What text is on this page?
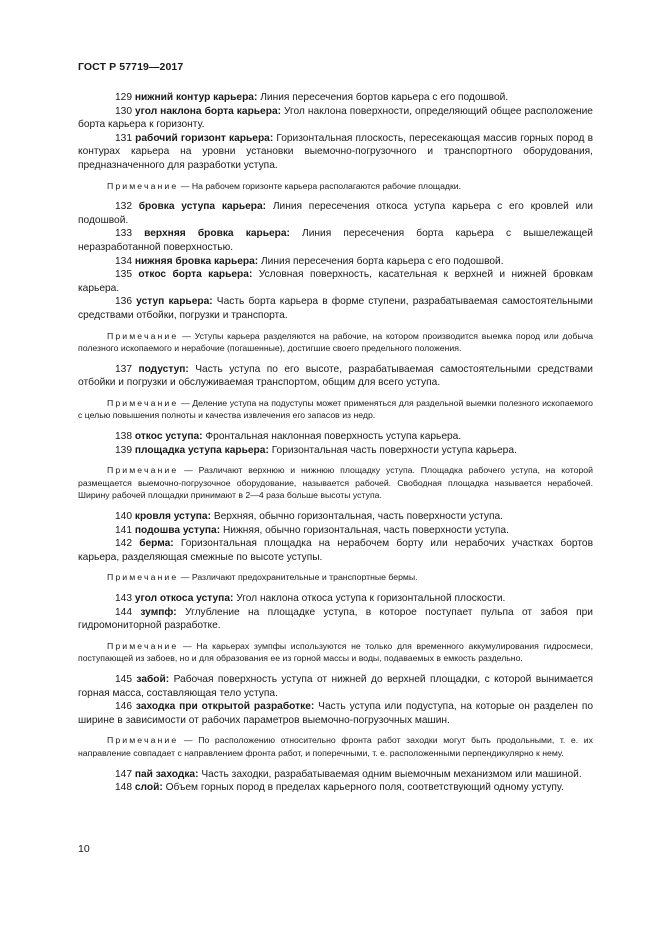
ГОСТ Р 57719—2017

129 нижний контур карьера: Линия пересечения бортов карьера с его подошвой.

130 угол наклона борта карьера: Угол наклона поверхности, определяющий общее расположение борта карьера к горизонту.

131 рабочий горизонт карьера: Горизонтальная плоскость, пересекающая массив горных пород в контурах карьера на уровни установки выемочно-погрузочного и транспортного оборудования, предназначенного для разработки уступа.

Примечание — На рабочем горизонте карьера располагаются рабочие площадки.

132 бровка уступа карьера: Линия пересечения откоса уступа карьера с его кровлей или подошвой.

133 верхняя бровка карьера: Линия пересечения борта карьера с вышележащей неразработанной поверхностью.

134 нижняя бровка карьера: Линия пересечения борта карьера с его подошвой.

135 откос борта карьера: Условная поверхность, касательная к верхней и нижней бровкам карьера.

136 уступ карьера: Часть борта карьера в форме ступени, разрабатываемая самостоятельными средствами отбойки, погрузки и транспорта.

Примечание — Уступы карьера разделяются на рабочие, на котором производится выемка пород или добыча полезного ископаемого и нерабочие (погашенные), достигшие своего предельного положения.

137 подуступ: Часть уступа по его высоте, разрабатываемая самостоятельными средствами отбойки и погрузки и обслуживаемая транспортом, общим для всего уступа.

Примечание — Деление уступа на подуступы может применяться для раздельной выемки полезного ископаемого с целью повышения полноты и качества извлечения его запасов из недр.

138 откос уступа: Фронтальная наклонная поверхность уступа карьера.

139 площадка уступа карьера: Горизонтальная часть поверхности уступа карьера.

Примечание — Различают верхнюю и нижнюю площадку уступа. Площадка рабочего уступа, на которой размещается выемочно-погрузочное оборудование, называется рабочей. Свободная площадка называется нерабочей. Ширину рабочей площадки принимают в 2—4 раза больше высоты уступа.

140 кровля уступа: Верхняя, обычно горизонтальная, часть поверхности уступа.

141 подошва уступа: Нижняя, обычно горизонтальная, часть поверхности уступа.

142 берма: Горизонтальная площадка на нерабочем борту или нерабочих участках бортов карьера, разделяющая смежные по высоте уступы.

Примечание — Различают предохранительные и транспортные бермы.

143 угол откоса уступа: Угол наклона откоса уступа к горизонтальной плоскости.

144 зумпф: Углубление на площадке уступа, в которое поступает пульпа от забоя при гидромониторной разработке.

Примечание — На карьерах зумпфы используются не только для временного аккумулирования гидросмеси, поступающей из забоев, но и для образования ее из горной массы и воды, подаваемых в емкость раздельно.

145 забой: Рабочая поверхность уступа от нижней до верхней площадки, с которой вынимается горная масса, составляющая тело уступа.

146 заходка при открытой разработке: Часть уступа или подуступа, на которые он разделен по ширине в зависимости от рабочих параметров выемочно-погрузочных машин.

Примечание — По расположению относительно фронта работ заходки могут быть продольными, т. е. их направление совпадает с направлением фронта работ, и поперечными, т. е. расположенными перпендикулярно к нему.

147 пай заходка: Часть заходки, разрабатываемая одним выемочным механизмом или машиной.

148 слой: Объем горных пород в пределах карьерного поля, соответствующий одному уступу.

10
